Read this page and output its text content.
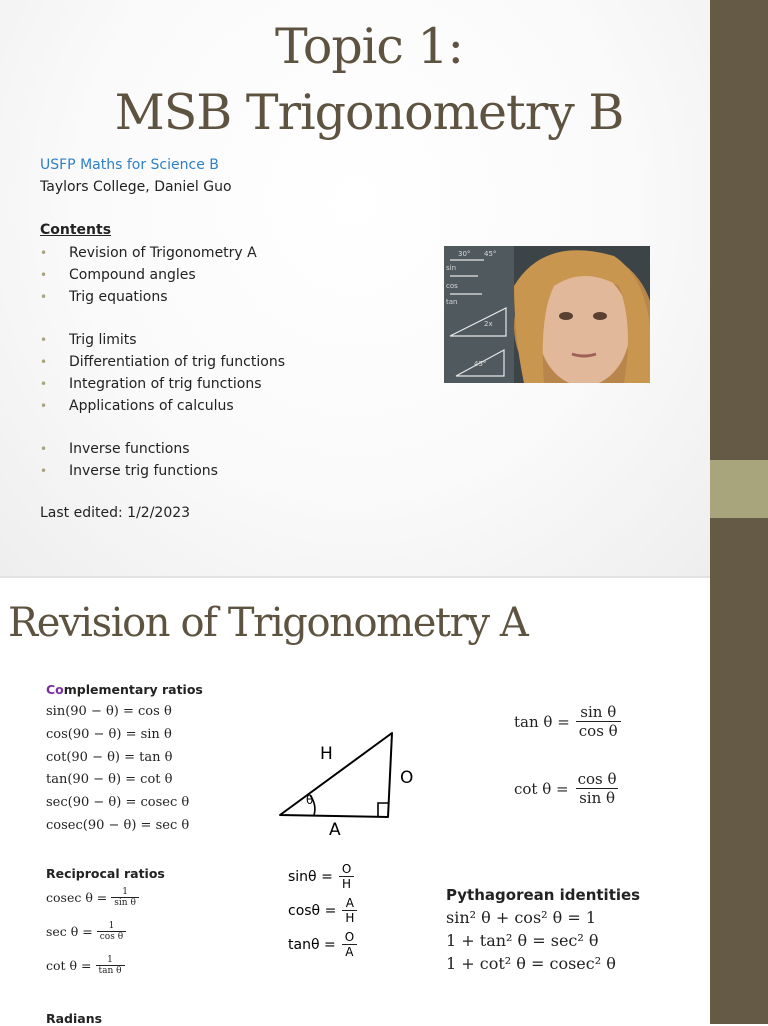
Topic 1:
MSB Trigonometry B
USFP Maths for Science B
Taylors College, Daniel Guo
Contents
• Revision of Trigonometry A
• Compound angles
• Trig equations
• Trig limits
• Differentiation of trig functions
• Integration of trig functions
• Applications of calculus
• Inverse functions
• Inverse trig functions
Last edited: 1/2/2023
30° 45°
sin
cos
tan
2x
45°
Revision of Trigonometry A
Complementary ratios
sin(90 − θ) = cos θ
cos(90 − θ) = sin θ
cot(90 − θ) = tan θ
tan(90 − θ) = cot θ
sec(90 − θ) = cosec θ
cosec(90 − θ) = sec θ
Reciprocal ratios
cosec $\theta = \frac{1}{\text{sin θ}}$
$\sec \theta = \frac{1}{\text{cos θ}}$
$\cot \theta = \frac{1}{\text{tan θ}}$
$\tan \theta = \frac{\text{sin θ}}{\text{cos θ}}$
$\cot \theta = \frac{\text{cos θ}}{\text{sin θ}}$
H
O
A
θ
$\sin\theta = \frac{O}{H}$
$\cos\theta = \frac{A}{H}$
$\tan\theta = \frac{O}{A}$
Pythagorean identities
sin² θ + cos² θ = 1
1 + tan² θ = sec² θ
1 + cot² θ = cosec² θ
Radians
